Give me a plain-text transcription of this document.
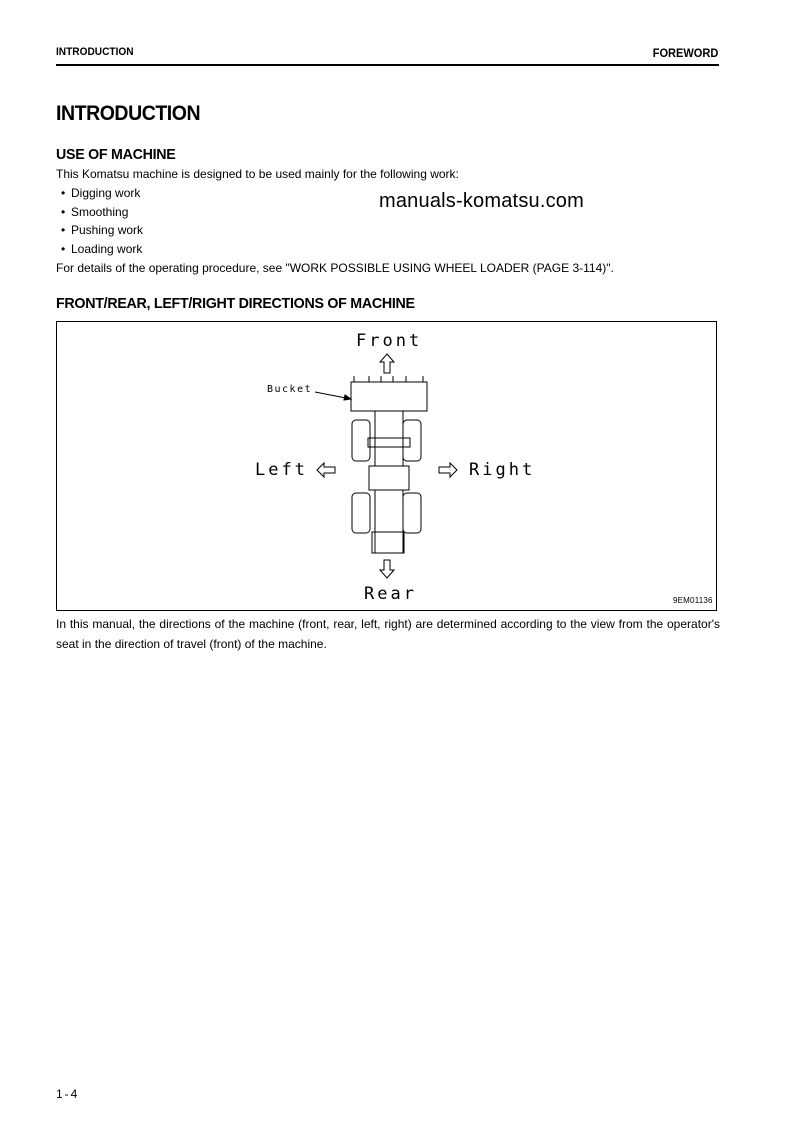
INTRODUCTION	FOREWORD
INTRODUCTION
USE OF MACHINE
This Komatsu machine is designed to be used mainly for the following work:
• Digging work
• Smoothing
• Pushing work
• Loading work
For details of the operating procedure, see "WORK POSSIBLE USING WHEEL LOADER (PAGE 3-114)".
manuals-komatsu.com
FRONT/REAR, LEFT/RIGHT DIRECTIONS OF MACHINE
Front
Rear
Left	Right
Bucket
9EM01136
In this manual, the directions of the machine (front, rear, left, right) are determined according to the view from the operator's seat in the direction of travel (front) of the machine.
1-4
